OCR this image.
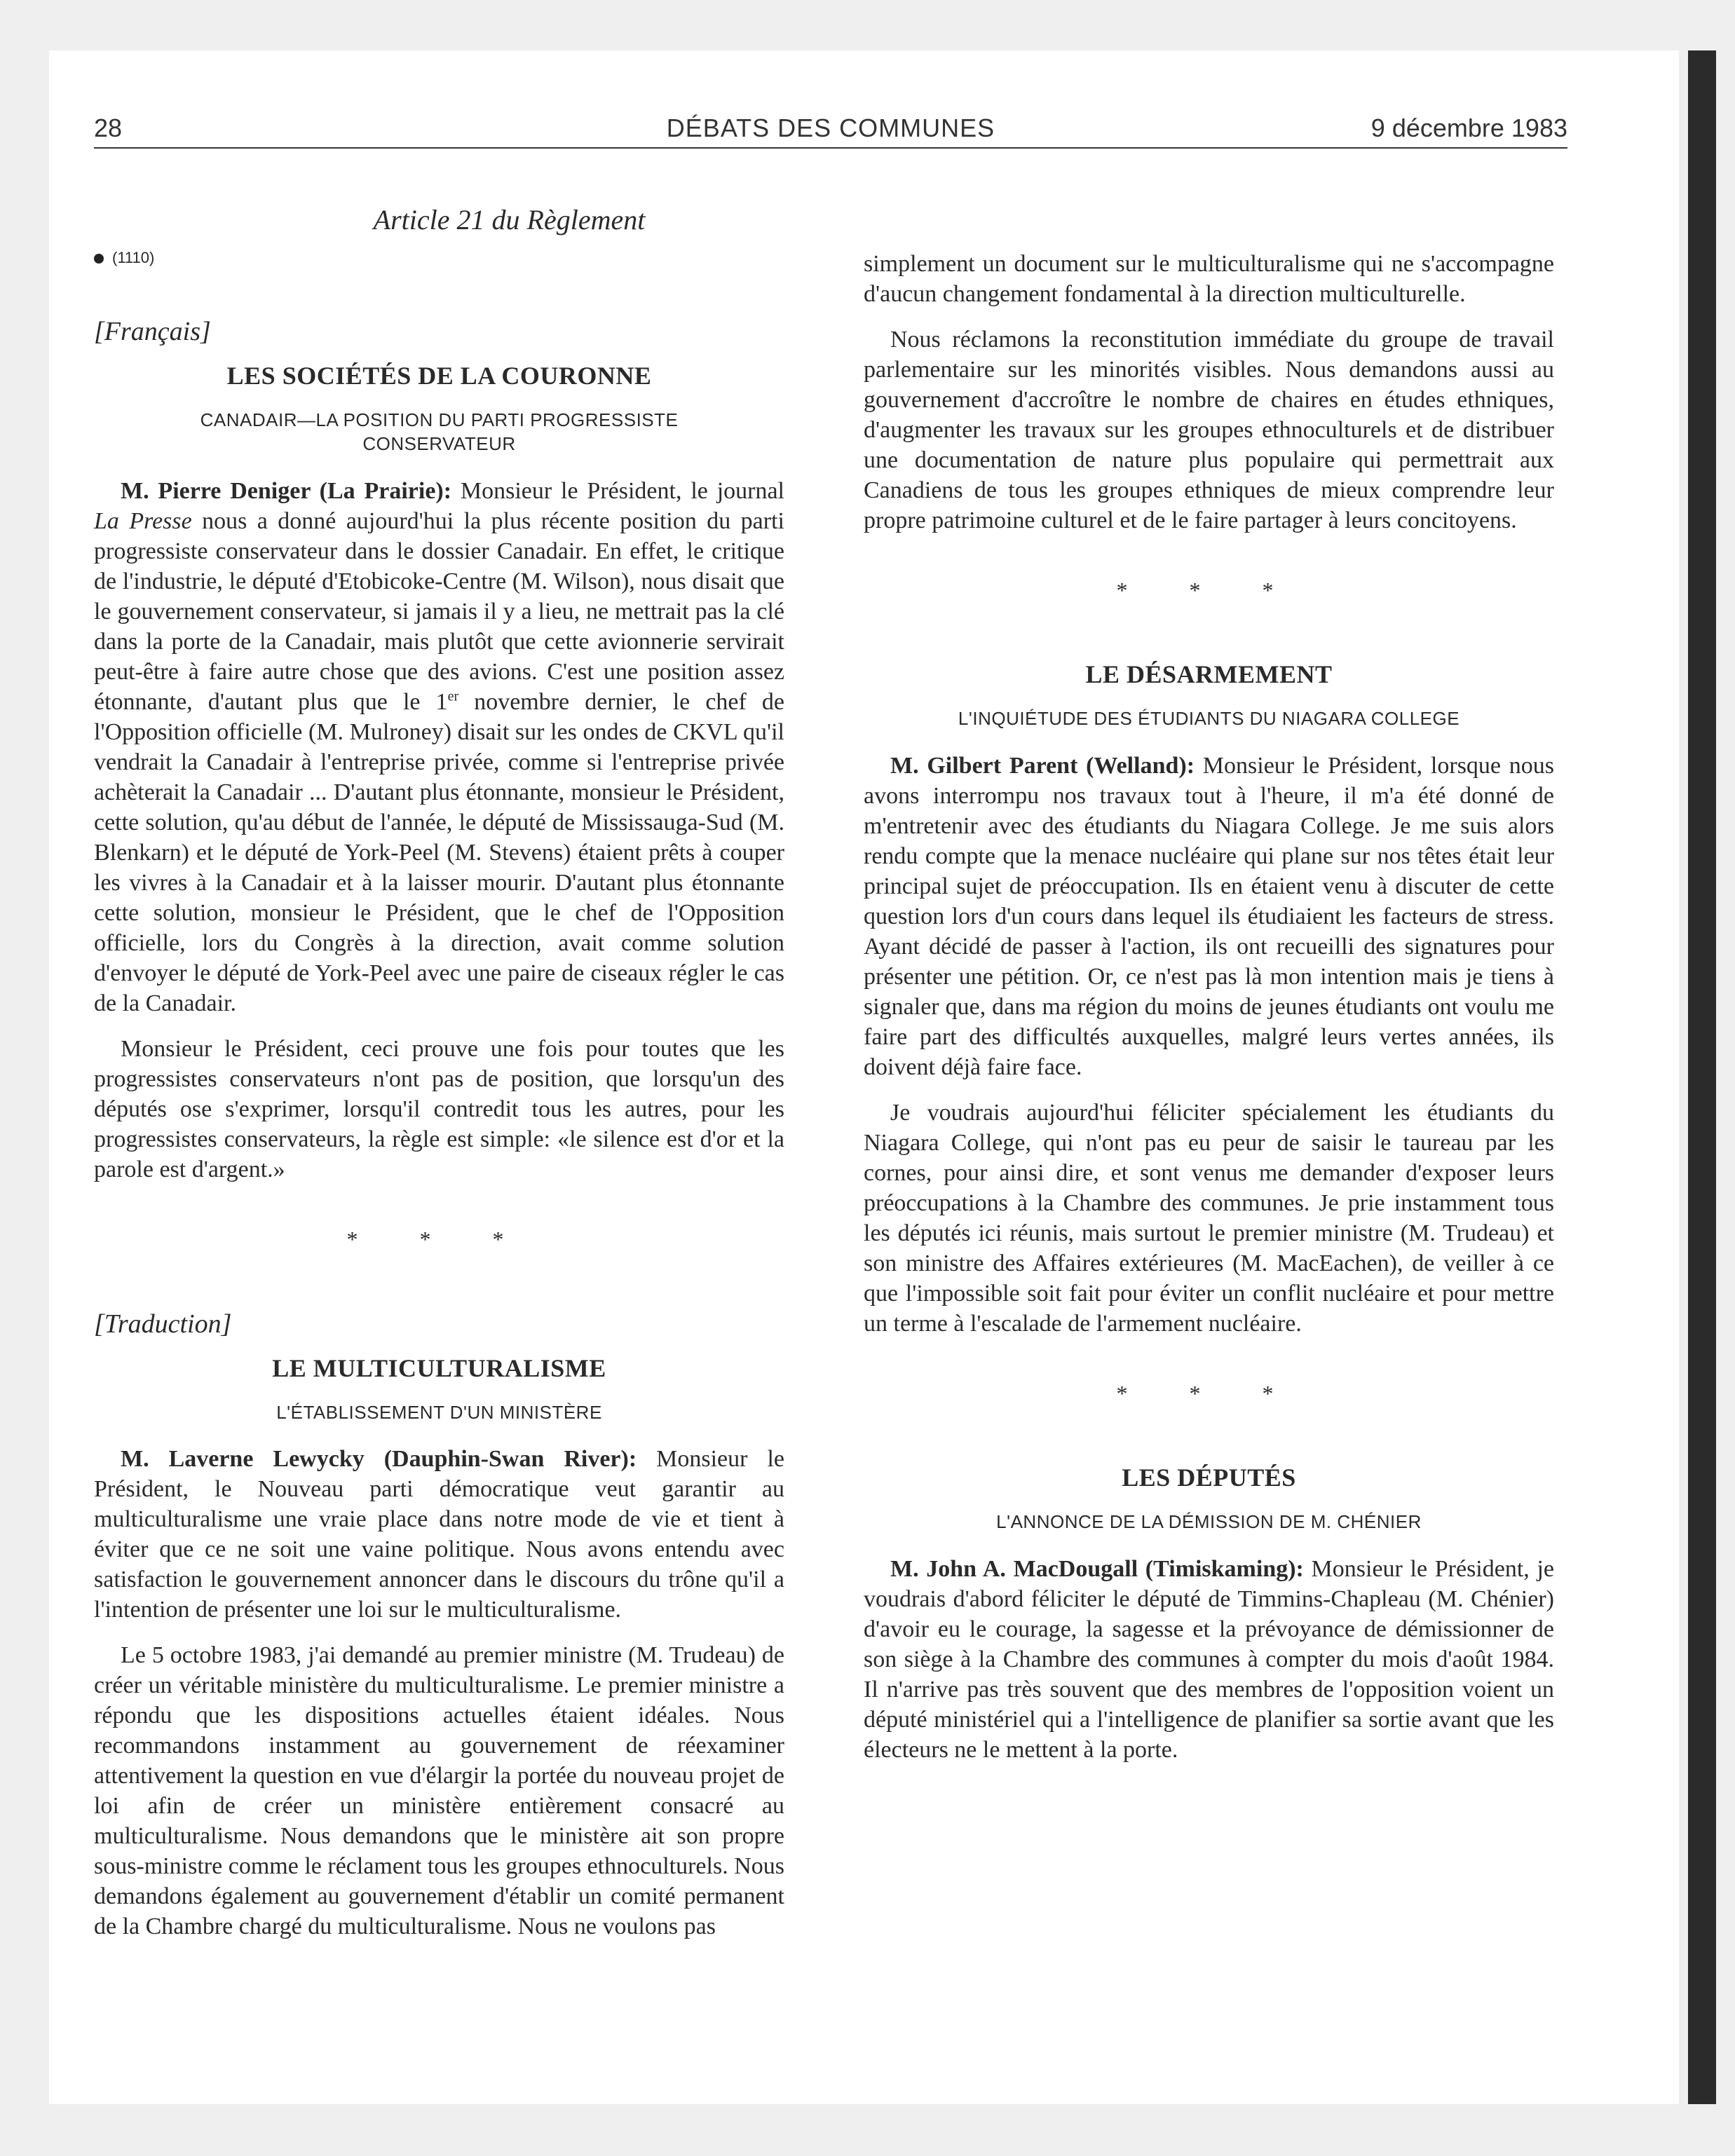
28	DÉBATS DES COMMUNES	9 décembre 1983
Article 21 du Règlement
(1110)
[Français]
LES SOCIÉTÉS DE LA COURONNE
CANADAIR—LA POSITION DU PARTI PROGRESSISTE CONSERVATEUR

M. Pierre Deniger (La Prairie): Monsieur le Président, le journal La Presse nous a donné aujourd'hui la plus récente position du parti progressiste conservateur dans le dossier Canadair. En effet, le critique de l'industrie, le député d'Etobicoke-Centre (M. Wilson), nous disait que le gouvernement conservateur, si jamais il y a lieu, ne mettrait pas la clé dans la porte de la Canadair, mais plutôt que cette avionnerie servirait peut-être à faire autre chose que des avions. C'est une position assez étonnante, d'autant plus que le 1er novembre dernier, le chef de l'Opposition officielle (M. Mulroney) disait sur les ondes de CKVL qu'il vendrait la Canadair à l'entreprise privée, comme si l'entreprise privée achèterait la Canadair ... D'autant plus étonnante, monsieur le Président, cette solution, qu'au début de l'année, le député de Mississauga-Sud (M. Blenkarn) et le député de York-Peel (M. Stevens) étaient prêts à couper les vivres à la Canadair et à la laisser mourir. D'autant plus étonnante cette solution, monsieur le Président, que le chef de l'Opposition officielle, lors du Congrès à la direction, avait comme solution d'envoyer le député de York-Peel avec une paire de ciseaux régler le cas de la Canadair.

Monsieur le Président, ceci prouve une fois pour toutes que les progressistes conservateurs n'ont pas de position, que lorsqu'un des députés ose s'exprimer, lorsqu'il contredit tous les autres, pour les progressistes conservateurs, la règle est simple: «le silence est d'or et la parole est d'argent.»

* * *
[Traduction]
LE MULTICULTURALISME
L'ÉTABLISSEMENT D'UN MINISTÈRE

M. Laverne Lewycky (Dauphin-Swan River): Monsieur le Président, le Nouveau parti démocratique veut garantir au multiculturalisme une vraie place dans notre mode de vie et tient à éviter que ce ne soit une vaine politique. Nous avons entendu avec satisfaction le gouvernement annoncer dans le discours du trône qu'il a l'intention de présenter une loi sur le multiculturalisme.

Le 5 octobre 1983, j'ai demandé au premier ministre (M. Trudeau) de créer un véritable ministère du multiculturalisme. Le premier ministre a répondu que les dispositions actuelles étaient idéales. Nous recommandons instamment au gouvernement de réexaminer attentivement la question en vue d'élargir la portée du nouveau projet de loi afin de créer un ministère entièrement consacré au multiculturalisme. Nous demandons que le ministère ait son propre sous-ministre comme le réclament tous les groupes ethnoculturels. Nous demandons également au gouvernement d'établir un comité permanent de la Chambre chargé du multiculturalisme. Nous ne voulons pas

simplement un document sur le multiculturalisme qui ne s'accompagne d'aucun changement fondamental à la direction multiculturelle.

Nous réclamons la reconstitution immédiate du groupe de travail parlementaire sur les minorités visibles. Nous demandons aussi au gouvernement d'accroître le nombre de chaires en études ethniques, d'augmenter les travaux sur les groupes ethnoculturels et de distribuer une documentation de nature plus populaire qui permettrait aux Canadiens de tous les groupes ethniques de mieux comprendre leur propre patrimoine culturel et de le faire partager à leurs concitoyens.

* * *
LE DÉSARMEMENT
L'INQUIÉTUDE DES ÉTUDIANTS DU NIAGARA COLLEGE

M. Gilbert Parent (Welland): Monsieur le Président, lorsque nous avons interrompu nos travaux tout à l'heure, il m'a été donné de m'entretenir avec des étudiants du Niagara College. Je me suis alors rendu compte que la menace nucléaire qui plane sur nos têtes était leur principal sujet de préoccupation. Ils en étaient venu à discuter de cette question lors d'un cours dans lequel ils étudiaient les facteurs de stress. Ayant décidé de passer à l'action, ils ont recueilli des signatures pour présenter une pétition. Or, ce n'est pas là mon intention mais je tiens à signaler que, dans ma région du moins de jeunes étudiants ont voulu me faire part des difficultés auxquelles, malgré leurs vertes années, ils doivent déjà faire face.

Je voudrais aujourd'hui féliciter spécialement les étudiants du Niagara College, qui n'ont pas eu peur de saisir le taureau par les cornes, pour ainsi dire, et sont venus me demander d'exposer leurs préoccupations à la Chambre des communes. Je prie instamment tous les députés ici réunis, mais surtout le premier ministre (M. Trudeau) et son ministre des Affaires extérieures (M. MacEachen), de veiller à ce que l'impossible soit fait pour éviter un conflit nucléaire et pour mettre un terme à l'escalade de l'armement nucléaire.

* * *
LES DÉPUTÉS
L'ANNONCE DE LA DÉMISSION DE M. CHÉNIER

M. John A. MacDougall (Timiskaming): Monsieur le Président, je voudrais d'abord féliciter le député de Timmins-Chapleau (M. Chénier) d'avoir eu le courage, la sagesse et la prévoyance de démissionner de son siège à la Chambre des communes à compter du mois d'août 1984. Il n'arrive pas très souvent que des membres de l'opposition voient un député ministériel qui a l'intelligence de planifier sa sortie avant que les électeurs ne le mettent à la porte.
